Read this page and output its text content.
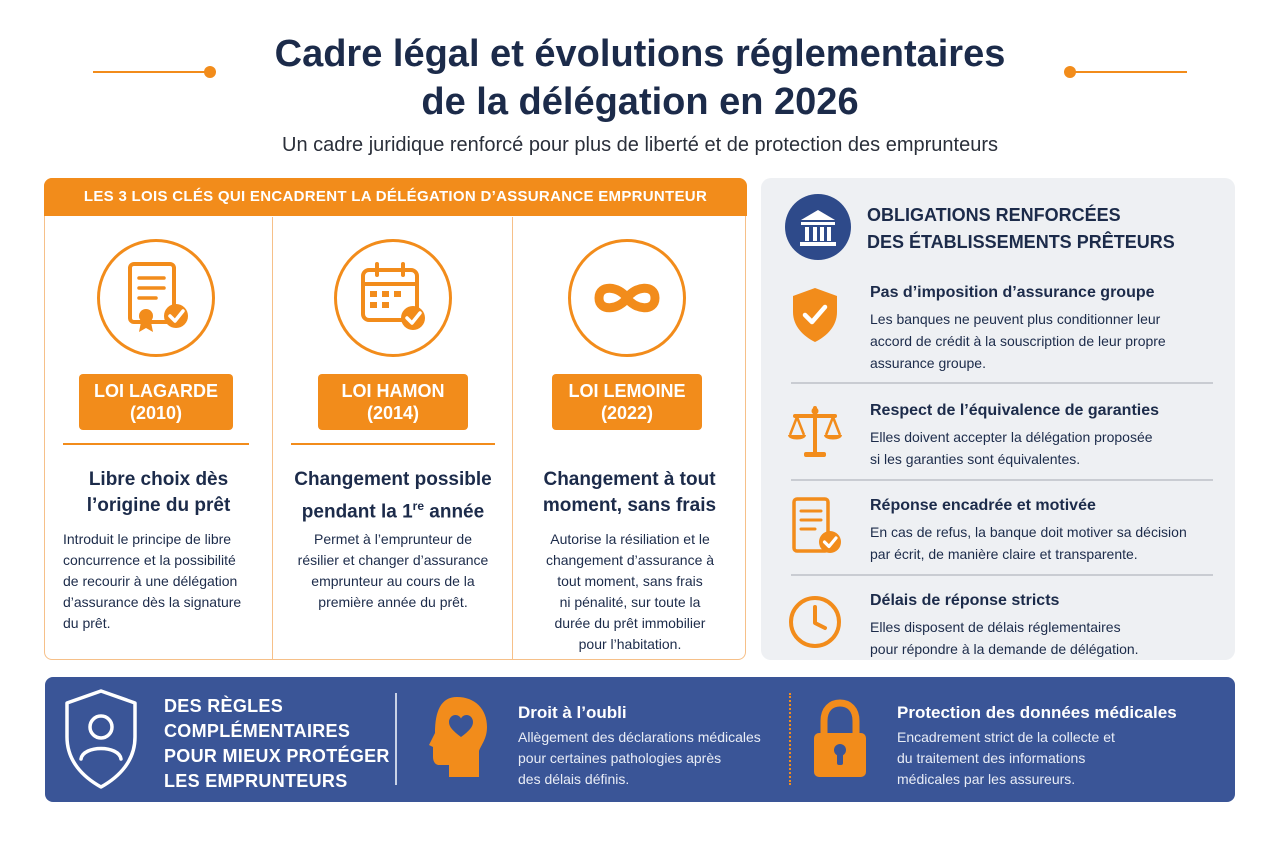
Cadre légal et évolutions réglementaires
de la délégation en 2026
Un cadre juridique renforcé pour plus de liberté et de protection des emprunteurs
LES 3 LOIS CLÉS QUI ENCADRENT LA DÉLÉGATION D’ASSURANCE EMPRUNTEUR
LOI LAGARDE
(2010)
Libre choix dès
l’origine du prêt
Introduit le principe de libre
concurrence et la possibilité
de recourir à une délégation
d’assurance dès la signature
du prêt.
LOI HAMON
(2014)
Changement possible
pendant la 1re année
Permet à l’emprunteur de
résilier et changer d’assurance
emprunteur au cours de la
première année du prêt.
LOI LEMOINE
(2022)
Changement à tout
moment, sans frais
Autorise la résiliation et le
changement d’assurance à
tout moment, sans frais
ni pénalité, sur toute la
durée du prêt immobilier
pour l’habitation.
OBLIGATIONS RENFORCÉES
DES ÉTABLISSEMENTS PRÊTEURS
Pas d’imposition d’assurance groupe
Les banques ne peuvent plus conditionner leur
accord de crédit à la souscription de leur propre
assurance groupe.
Respect de l’équivalence de garanties
Elles doivent accepter la délégation proposée
si les garanties sont équivalentes.
Réponse encadrée et motivée
En cas de refus, la banque doit motiver sa décision
par écrit, de manière claire et transparente.
Délais de réponse stricts
Elles disposent de délais réglementaires
pour répondre à la demande de délégation.
DES RÈGLES
COMPLÉMENTAIRES
POUR MIEUX PROTÉGER
LES EMPRUNTEURS
Droit à l’oubli
Allègement des déclarations médicales
pour certaines pathologies après
des délais définis.
Protection des données médicales
Encadrement strict de la collecte et
du traitement des informations
médicales par les assureurs.
